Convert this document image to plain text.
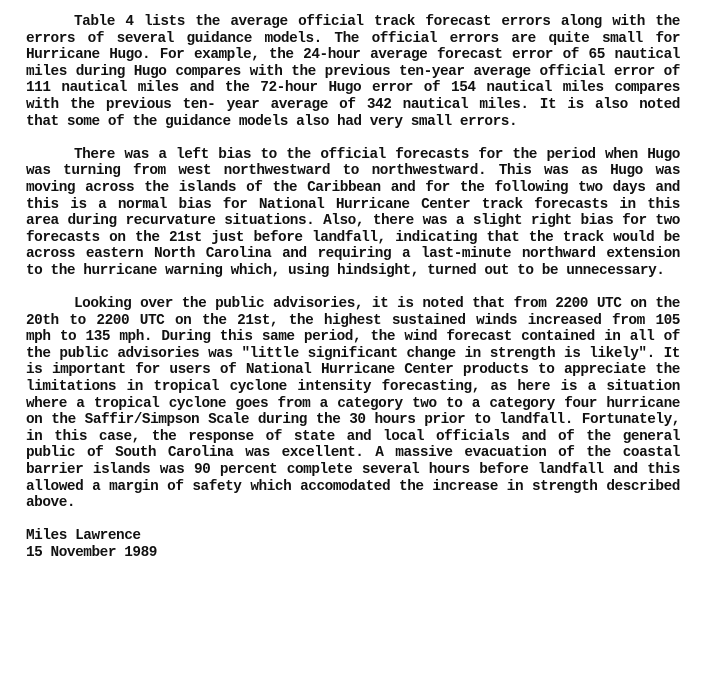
Table 4 lists the average official track forecast errors along with the errors of several guidance models. The official errors are quite small for Hurricane Hugo. For example, the 24-hour average forecast error of 65 nautical miles during Hugo compares with the previous ten-year average official error of 111 nautical miles and the 72-hour Hugo error of 154 nautical miles compares with the previous ten- year average of 342 nautical miles. It is also noted that some of the guidance models also had very small errors.

There was a left bias to the official forecasts for the period when Hugo was turning from west northwestward to northwestward. This was as Hugo was moving across the islands of the Caribbean and for the following two days and this is a normal bias for National Hurricane Center track forecasts in this area during recurvature situations. Also, there was a slight right bias for two forecasts on the 21st just before landfall, indicating that the track would be across eastern North Carolina and requiring a last-minute northward extension to the hurricane warning which, using hindsight, turned out to be unnecessary.

Looking over the public advisories, it is noted that from 2200 UTC on the 20th to 2200 UTC on the 21st, the highest sustained winds increased from 105 mph to 135 mph. During this same period, the wind forecast contained in all of the public advisories was "little significant change in strength is likely". It is important for users of National Hurricane Center products to appreciate the limitations in tropical cyclone intensity forecasting, as here is a situation where a tropical cyclone goes from a category two to a category four hurricane on the Saffir/Simpson Scale during the 30 hours prior to landfall. Fortunately, in this case, the response of state and local officials and of the general public of South Carolina was excellent. A massive evacuation of the coastal barrier islands was 90 percent complete several hours before landfall and this allowed a margin of safety which accomodated the increase in strength described above.

Miles Lawrence
15 November 1989
